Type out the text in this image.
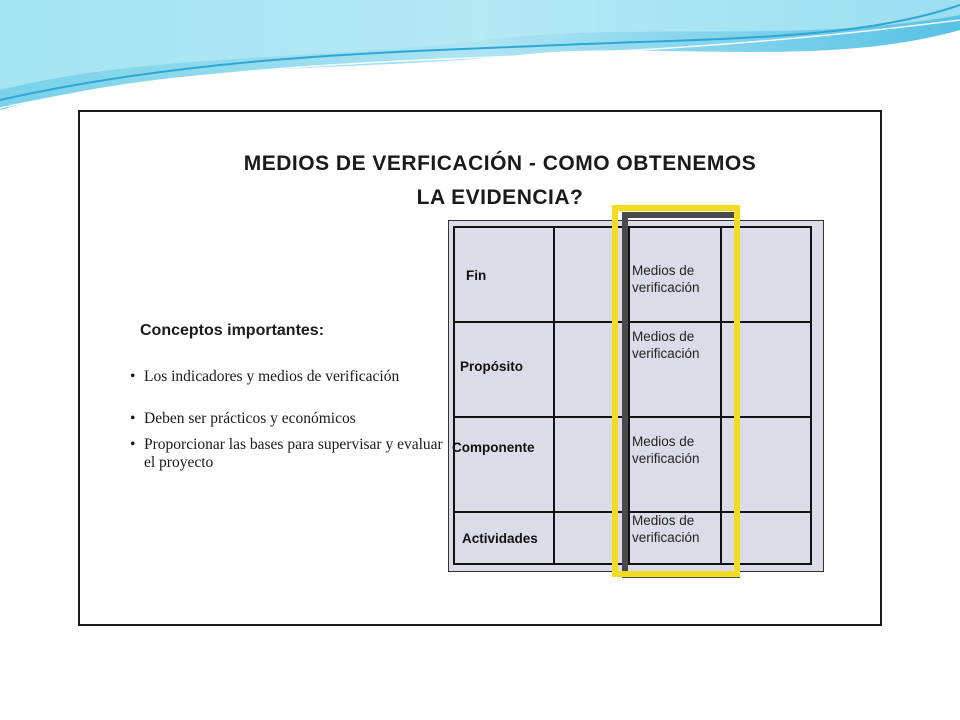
MEDIOS DE VERFICACIÓN - COMO OBTENEMOS
LA EVIDENCIA?
Conceptos importantes:
• Los indicadores y medios de verificación
• Deben ser prácticos y económicos
• Proporcionar las bases para supervisar y evaluar el proyecto
Fin
Propósito
Componente
Actividades
Medios de verificación
Medios de verificación
Medios de verificación
Medios de verificación
